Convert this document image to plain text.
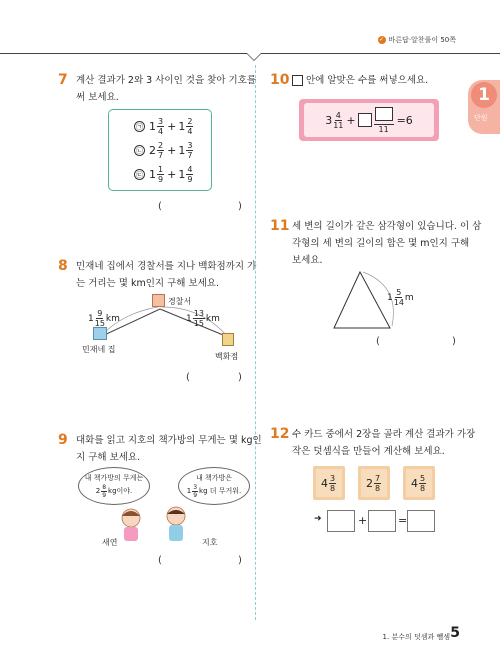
✓ 바른답·알찬풀이 50쪽
1
단원
7 계산 결과가 2와 3 사이인 것을 찾아 기호를
써 보세요.
㉠ $1 \frac{3}{4} + 1 \frac{2}{4}$
㉡ $2 \frac{2}{7} + 1 \frac{3}{7}$
㉢ $1 \frac{1}{9} + 1 \frac{4}{9}$
(	)
8 민재네 집에서 경찰서를 지나 백화점까지 가
는 거리는 몇 km인지 구해 보세요.
경찰서
민재네 집
백화점
$1 \frac{9}{15}$ km	$1 \frac{13}{15}$ km
(	)
9 대화를 읽고 지호의 책가방의 무게는 몇 kg인
지 구해 보세요.
내 책가방의 무게는
$2 \frac{8}{9}$ kg이야.
내 책가방은
$1 \frac{3}{9}$ kg 더 무거워.
새연	지호
(	)
10 안에 알맞은 수를 써넣으세요.
$3 \frac{4}{11}$ +
11
=6
11 세 변의 길이가 같은 삼각형이 있습니다. 이 삼
각형의 세 변의 길이의 합은 몇 m인지 구해
보세요.
$1 \frac{5}{14}$ m
(	)
12 수 카드 중에서 2장을 골라 계산 결과가 가장
작은 덧셈식을 만들어 계산해 보세요.
$4 \frac{3}{8}$	$2 \frac{7}{8}$	$4 \frac{5}{8}$
➜	+	=
1. 분수의 덧셈과 뺄셈 5
